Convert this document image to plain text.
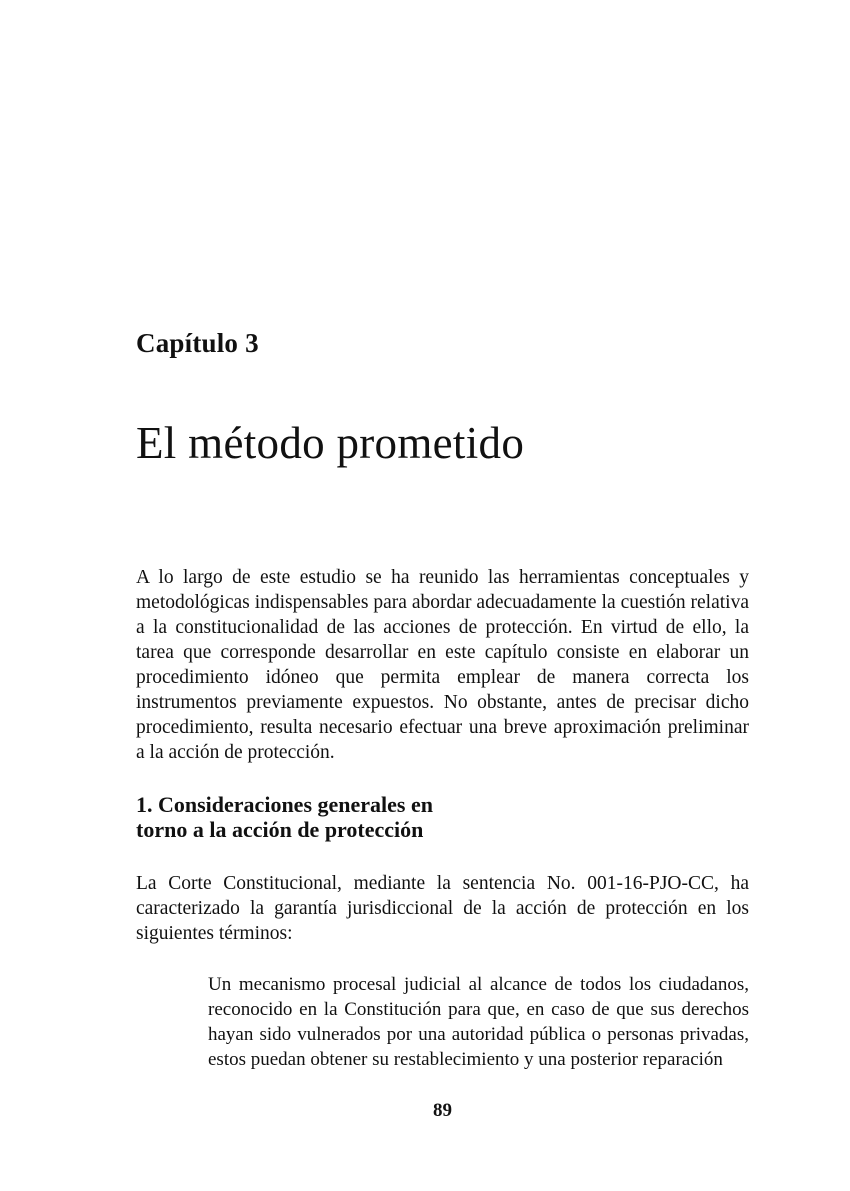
Capítulo 3
El método prometido

A lo largo de este estudio se ha reunido las herramientas conceptuales y metodológicas indispensables para abordar adecuadamente la cuestión relativa a la constitucionalidad de las acciones de protección. En virtud de ello, la tarea que corresponde desarrollar en este capítulo consiste en elaborar un procedimiento idóneo que permita emplear de manera correcta los instrumentos previamente expuestos. No obstante, antes de precisar dicho procedimiento, resulta necesario efectuar una breve aproximación preliminar a la acción de protección.

1. Consideraciones generales en
torno a la acción de protección

La Corte Constitucional, mediante la sentencia No. 001-16-PJO-CC, ha caracterizado la garantía jurisdiccional de la acción de protección en los siguientes términos:

Un mecanismo procesal judicial al alcance de todos los ciudadanos, reconocido en la Constitución para que, en caso de que sus derechos hayan sido vulnerados por una autoridad pública o personas privadas, estos puedan obtener su restablecimiento y una posterior reparación
89
